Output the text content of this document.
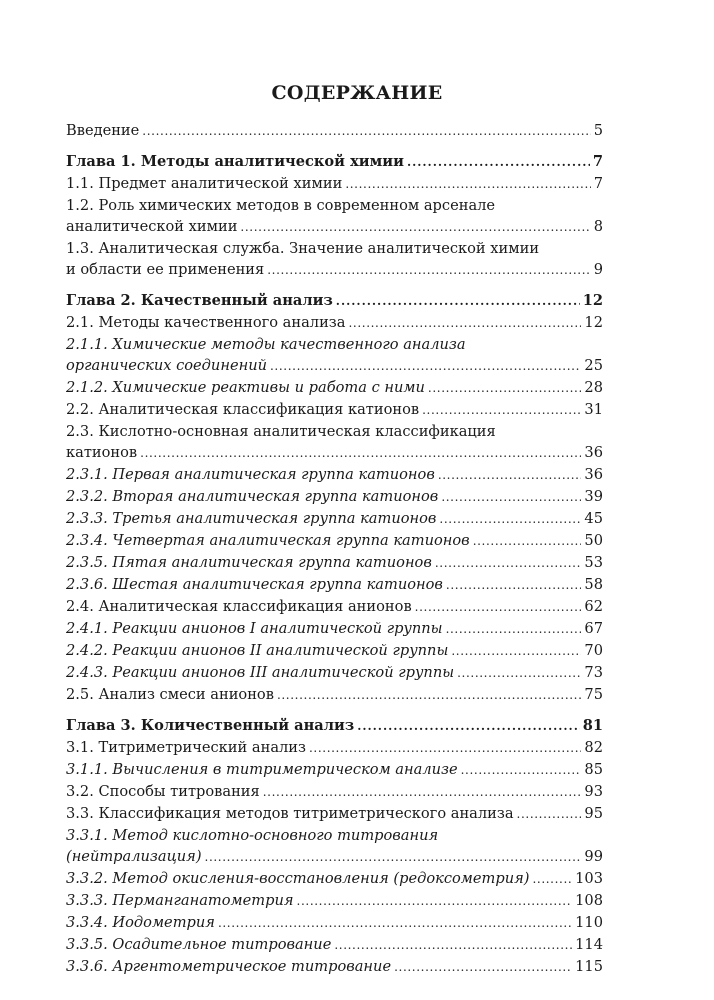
СОДЕРЖАНИЕ
Введение . . .	5
Глава 1. Методы аналитической химии . . .	7
1.1. Предмет аналитической химии . . .	7
1.2. Роль химических методов в современном арсенале
аналитической химии . . .	8
1.3. Аналитическая служба. Значение аналитической химии
и области ее применения . . .	9
Глава 2. Качественный анализ . . .	12
2.1. Методы качественного анализа . . .	12
2.1.1. Химические методы качественного анализа
органических соединений . . .	25
2.1.2. Химические реактивы и работа с ними . . .	28
2.2. Аналитическая классификация катионов . . .	31
2.3. Кислотно-основная аналитическая классификация
катионов . . .	36
2.3.1. Первая аналитическая группа катионов . . .	36
2.3.2. Вторая аналитическая группа катионов . . .	39
2.3.3. Третья аналитическая группа катионов . . .	45
2.3.4. Четвертая аналитическая группа катионов . . .	50
2.3.5. Пятая аналитическая группа катионов . . .	53
2.3.6. Шестая аналитическая группа катионов . . .	58
2.4. Аналитическая классификация анионов . . .	62
2.4.1. Реакции анионов I аналитической группы . . .	67
2.4.2. Реакции анионов II аналитической группы . . .	70
2.4.3. Реакции анионов III аналитической группы . . .	73
2.5. Анализ смеси анионов . . .	75
Глава 3. Количественный анализ . . .	81
3.1. Титриметрический анализ . . .	82
3.1.1. Вычисления в титриметрическом анализе . . .	85
3.2. Способы титрования . . .	93
3.3. Классификация методов титриметрического анализа . . .	95
3.3.1. Метод кислотно-основного титрования
(нейтрализация) . . .	99
3.3.2. Метод окисления-восстановления (редоксометрия) . . .	103
3.3.3. Перманганатометрия . . .	108
3.3.4. Иодометрия . . .	110
3.3.5. Осадительное титрование . . .	114
3.3.6. Аргентометрическое титрование . . .	115
